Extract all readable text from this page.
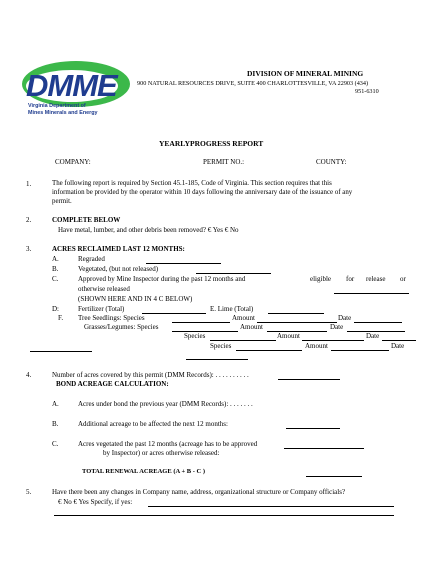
DMME
Virginia Department of
Mines Minerals and Energy
DIVISION OF MINERAL MINING
900 NATURAL RESOURCES DRIVE, SUITE 400 CHARLOTTESVILLE, VA 22903 (434)
951-6310
YEARLYPROGRESS REPORT
COMPANY:	PERMIT NO.:	COUNTY:
1.	The following report is required by Section 45.1-185, Code of Virginia. This section requires that this
information be provided by the operator within 10 days following the anniversary date of the issuance of any
permit.
2.	COMPLETE BELOW
Have metal, lumber, and other debris been removed? € Yes € No
3.	ACRES RECLAIMED LAST 12 MONTHS:
A.	Regraded
B.	Vegetated, (but not released)
C.	Approved by Mine Inspector during the past 12 months and	eligible for release or
otherwise released
(SHOWN HERE AND IN 4 C BELOW)
D:	Fertilizer (Total)	E. Lime (Total)
F. Tree Seedlings: Species	Amount	Date
Grasses/Legumes: Species	Amount	Date
Species	Amount	Date
Species	Amount	Date
4.	Number of acres covered by this permit (DMM Records): . . . . . . . . . .
BOND ACREAGE CALCULATION:
A.	Acres under bond the previous year (DMM Records): . . . . . . .
B.	Additional acreage to be affected the next 12 months:
C.	Acres vegetated the past 12 months (acreage has to be approved
by Inspector) or acres otherwise released:
TOTAL RENEWAL ACREAGE (A + B - C )
5.	Have there been any changes in Company name, address, organizational structure or Company officials?
€ No € Yes Specify, if yes:
